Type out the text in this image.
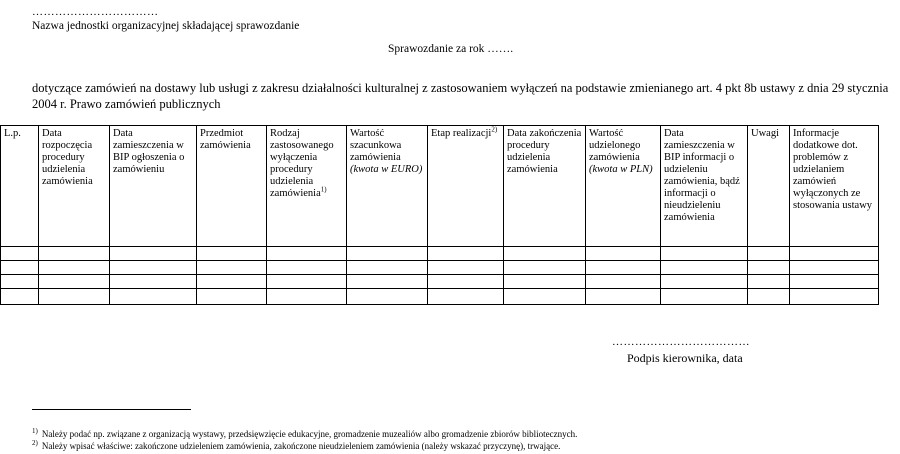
……………………………
Nazwa jednostki organizacyjnej składającej sprawozdanie
Sprawozdanie za rok …….
dotyczące zamówień na dostawy lub usługi z zakresu działalności kulturalnej z zastosowaniem wyłączeń na podstawie zmienianego art. 4 pkt 8b ustawy z dnia 29 stycznia 2004 r. Prawo zamówień publicznych
L.p.	Data rozpoczęcia procedury udzielenia zamówienia	Data zamieszczenia w BIP ogłoszenia o zamówieniu	Przedmiot zamówienia	Rodzaj zastosowanego wyłączenia procedury udzielenia zamówienia$^{1)}$	Wartość szacunkowa zamówienia
(kwota w EURO)	Etap realizacji$^{2)}$	Data zakończenia procedury udzielenia zamówienia	Wartość udzielonego zamówienia
(kwota w PLN)	Data zamieszczenia w BIP informacji o udzieleniu zamówienia, bądź informacji o nieudzieleniu zamówienia	Uwagi	Informacje dodatkowe dot. problemów z udzielaniem zamówień wyłączonych ze stosowania ustawy

………………………………
Podpis kierownika, data
$^{1)}$ Należy podać np. związane z organizacją wystawy, przedsięwzięcie edukacyjne, gromadzenie muzealiów albo gromadzenie zbiorów bibliotecznych.
$^{2)}$ Należy wpisać właściwe: zakończone udzieleniem zamówienia, zakończone nieudzieleniem zamówienia (należy wskazać przyczynę), trwające.
